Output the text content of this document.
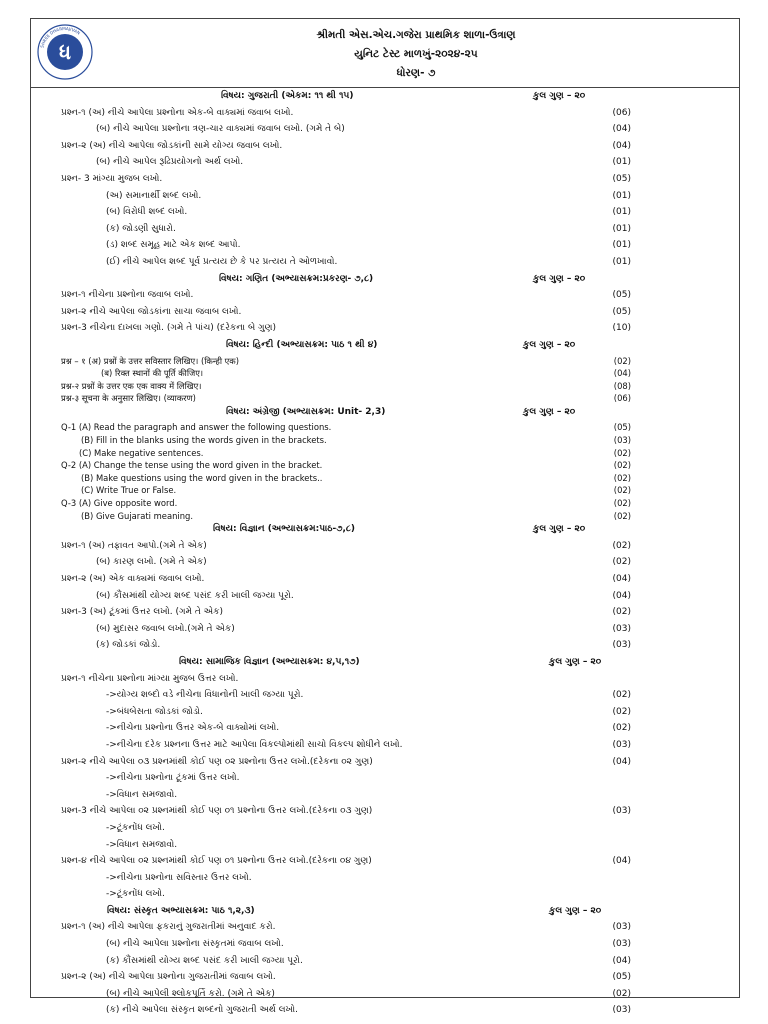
ધ
SHREE DHARMAJIVAN	શ્રીમતી એસ.એચ.ગજેરા પ્રાથમિક શાળા-ઉત્રાણ
યુનિટ ટેસ્ટ માળખું-૨૦૨૪-૨૫
ધોરણ- ૭
વિષય: ગુજરાતી (એકમ: ૧૧ થી ૧૫)	કુલ ગુણ – ૨૦
પ્રશ્ન-૧ (અ) નીચે આપેલા પ્રશ્નોના એક-બે વાક્યમાં જવાબ લખો.	(06)
(બ) નીચે આપેલા પ્રશ્નોના ત્રણ-ચાર વાક્યમાં જવાબ લખો. (ગમે તે બે)	(04)
પ્રશ્ન-૨ (અ) નીચે આપેલા જોડકાંની સામે યોગ્ય જવાબ લખો.	(04)
(બ) નીચે આપેલ રૂઢિપ્રયોગનો અર્થ લખો.	(01)
પ્રશ્ન- 3 માંગ્યા મુજબ લખો.	(05)
(અ) સમાનાર્થી શબ્દ લખો.	(01)
(બ) વિરોધી શબ્દ લખો.	(01)
(ક) જોડણી સુધારો.	(01)
(ડ) શબ્દ સમૂહ માટે એક શબ્દ આપો.	(01)
(ઈ) નીચે આપેલ શબ્દ પૂર્વ પ્રત્યય છે કે પર પ્રત્યય તે ઓળખાવો.	(01)
વિષય: ગણિત (અભ્યાસક્રમ:પ્રકરણ- ૭,૮)	કુલ ગુણ – ૨૦
પ્રશ્ન-૧ નીચેના પ્રશ્નોના જવાબ લખો.	(05)
પ્રશ્ન-૨ નીચે આપેલા જોડકાંના સાચા જવાબ લખો.	(05)
પ્રશ્ન-3 નીચેના દાખલા ગણો. (ગમે તે પાંચ) (દરેકના બે ગુણ)	(10)
વિષય: હિન્દી (અભ્યાસક્રમ: પાઠ ૧ થી ૪)	કુલ ગુણ – ૨૦
प्रश्न – १ (अ) प्रश्नों के उत्तर सविस्तार लिखिए। (किन्ही एक)	(02)
(ब) रिक्त स्थानों की पूर्ति कीजिए।	(04)
प्रश्न-२ प्रश्नों के उत्तर एक एक वाक्य में लिखिए।	(08)
प्रश्न-३ सूचना के अनुसार लिखिए। (व्याकरण)	(06)
વિષય: અંગ્રેજી (અભ્યાસક્રમ: Unit- 2,3)	કુલ ગુણ – ૨૦
Q-1 (A) Read the paragraph and answer the following questions.	(05)
(B) Fill in the blanks using the words given in the brackets.	(03)
(C) Make negative sentences.	(02)
Q-2 (A) Change the tense using the word given in the bracket.	(02)
(B) Make questions using the word given in the brackets..	(02)
(C) Write True or False.	(02)
Q-3 (A) Give opposite word.	(02)
(B) Give Gujarati meaning.	(02)
વિષય: વિજ્ઞાન (અભ્યાસક્રમ:પાઠ-૭,૮)	કુલ ગુણ – ૨૦
પ્રશ્ન-૧ (અ) તફાવત આપો.(ગમે તે એક)	(02)
(બ) કારણ લખો. (ગમે તે એક)	(02)
પ્રશ્ન-૨ (અ) એક વાક્યમાં જવાબ લખો.	(04)
(બ) કૌંસમાંથી યોગ્ય શબ્દ પસંદ કરી ખાલી જગ્યા પૂરો.	(04)
પ્રશ્ન-3 (અ) ટૂંકમાં ઉત્તર લખો. (ગમે તે એક)	(02)
(બ) મુદાસર જવાબ લખો.(ગમે તે એક)	(03)
(ક) જોડકાં જોડો.	(03)
વિષય: સામાજિક વિજ્ઞાન (અભ્યાસક્રમ: ૪,૫,૧૭)	કુલ ગુણ – ૨૦
પ્રશ્ન-૧ નીચેના પ્રશ્નોના માંગ્યા મુજબ ઉત્તર લખો.
->યોગ્ય શબ્દો વડે નીચેના વિધાનોની ખાલી જગ્યા પૂરો.	(02)
->બંધબેસતા જોડકાં જોડો.	(02)
->નીચેના પ્રશ્નોના ઉત્તર એક-બે વાક્યોમાં લખો.	(02)
->નીચેના દરેક પ્રશ્નના ઉત્તર માટે આપેલા વિકલ્પોમાંથી સાચો વિકલ્પ શોધીને લખો.	(03)
પ્રશ્ન-૨ નીચે આપેલા ૦૩ પ્રશ્નમાંથી કોઈ પણ ૦૨ પ્રશ્નોના ઉત્તર લખો.(દરેકના ૦૨ ગુણ)	(04)
->નીચેના પ્રશ્નોના ટૂંકમાં ઉત્તર લખો.
->વિધાન સમજાવો.
પ્રશ્ન-3 નીચે આપેલા ૦૨ પ્રશ્નમાંથી કોઈ પણ ૦૧ પ્રશ્નોના ઉત્તર લખો.(દરેકના ૦૩ ગુણ)	(03)
->ટૂંકનોંધ લખો.
->વિધાન સમજાવો.
પ્રશ્ન-૪ નીચે આપેલા ૦૨ પ્રશ્નમાંથી કોઈ પણ ૦૧ પ્રશ્નોના ઉત્તર લખો.(દરેકના ૦૪ ગુણ)	(04)
->નીચેના પ્રશ્નોના સવિસ્તાર ઉત્તર લખો.
->ટૂંકનોંધ લખો.
વિષય: સંસ્કૃત અભ્યાસક્રમ: પાઠ ૧,૨,૩)	કુલ ગુણ – ૨૦
પ્રશ્ન-૧ (અ) નીચે આપેલા ફકરાનું ગુજરાતીમાં અનુવાદ કરો.	(03)
(બ) નીચે આપેલા પ્રશ્નોના સંસ્કૃતમાં જવાબ લખો.	(03)
(ક) કૌંસમાંથી યોગ્ય શબ્દ પસંદ કરી ખાલી જગ્યા પૂરો.	(04)
પ્રશ્ન-૨ (અ) નીચે આપેલા પ્રશ્નોના ગુજરાતીમાં જવાબ લખો.	(05)
(બ) નીચે આપેલી શ્લોકપૂર્તિ કરો. (ગમે તે એક)	(02)
(ક) નીચે આપેલા સંસ્કૃત શબ્દનો ગુજરાતી અર્થ લખો.	(03)
